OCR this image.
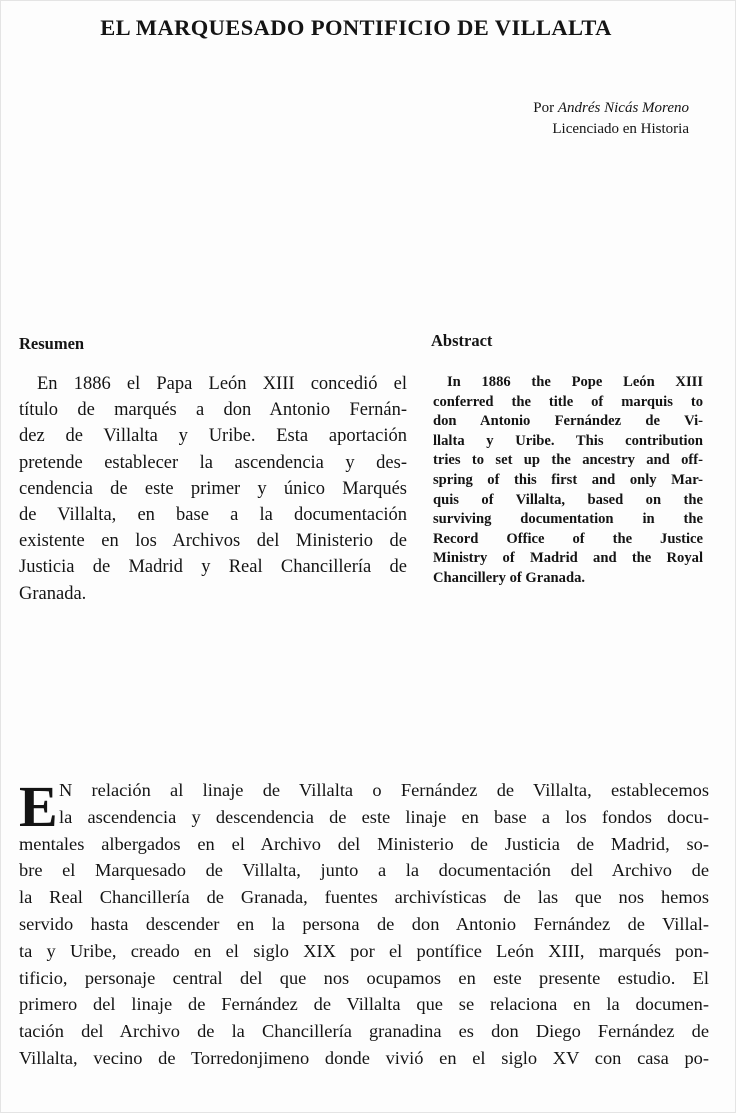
EL MARQUESADO PONTIFICIO DE VILLALTA
Por Andrés Nicás Moreno
Licenciado en Historia
Resumen
En 1886 el Papa León XIII concedió el
título de marqués a don Antonio Fernán-
dez de Villalta y Uribe. Esta aportación
pretende establecer la ascendencia y des-
cendencia de este primer y único Marqués
de Villalta, en base a la documentación
existente en los Archivos del Ministerio de
Justicia de Madrid y Real Chancillería de
Granada.
Abstract
In 1886 the Pope León XIII
conferred the title of marquis to
don Antonio Fernández de Vi-
llalta y Uribe. This contribution
tries to set up the ancestry and off-
spring of this first and only Mar-
quis of Villalta, based on the
surviving documentation in the
Record Office of the Justice
Ministry of Madrid and the Royal
Chancillery of Granada.
E N relación al linaje de Villalta o Fernández de Villalta, establecemos
la ascendencia y descendencia de este linaje en base a los fondos docu-
mentales albergados en el Archivo del Ministerio de Justicia de Madrid, so-
bre el Marquesado de Villalta, junto a la documentación del Archivo de
la Real Chancillería de Granada, fuentes archivísticas de las que nos hemos
servido hasta descender en la persona de don Antonio Fernández de Villal-
ta y Uribe, creado en el siglo XIX por el pontífice León XIII, marqués pon-
tificio, personaje central del que nos ocupamos en este presente estudio. El
primero del linaje de Fernández de Villalta que se relaciona en la documen-
tación del Archivo de la Chancillería granadina es don Diego Fernández de
Villalta, vecino de Torredonjimeno donde vivió en el siglo XV con casa po-
